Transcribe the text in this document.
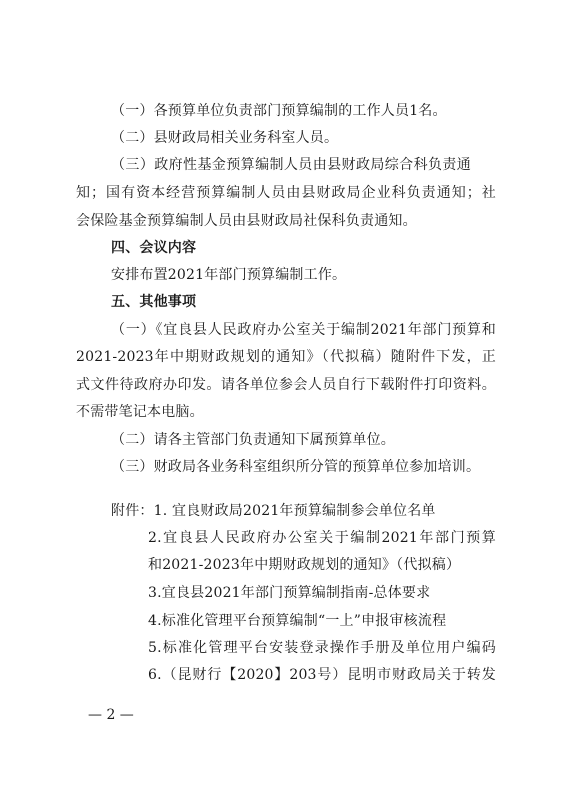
（一）各预算单位负责部门预算编制的工作人员1名。
（二）县财政局相关业务科室人员。
（三）政府性基金预算编制人员由县财政局综合科负责通
知；国有资本经营预算编制人员由县财政局企业科负责通知；社
会保险基金预算编制人员由县财政局社保科负责通知。
四、会议内容
安排布置2021年部门预算编制工作。
五、其他事项
（一）《宜良县人民政府办公室关于编制2021年部门预算和
2021-2023年中期财政规划的通知》（代拟稿）随附件下发，正
式文件待政府办印发。请各单位参会人员自行下载附件打印资料。
不需带笔记本电脑。
（二）请各主管部门负责通知下属预算单位。
（三）财政局各业务科室组织所分管的预算单位参加培训。
附件：1. 宜良财政局2021年预算编制参会单位名单
2.宜良县人民政府办公室关于编制2021年部门预算
和2021-2023年中期财政规划的通知》（代拟稿）
3.宜良县2021年部门预算编制指南-总体要求
4.标准化管理平台预算编制“一上”申报审核流程
5.标准化管理平台安装登录操作手册及单位用户编码
6.（昆财行【2020】203号）昆明市财政局关于转发
— 2 —
